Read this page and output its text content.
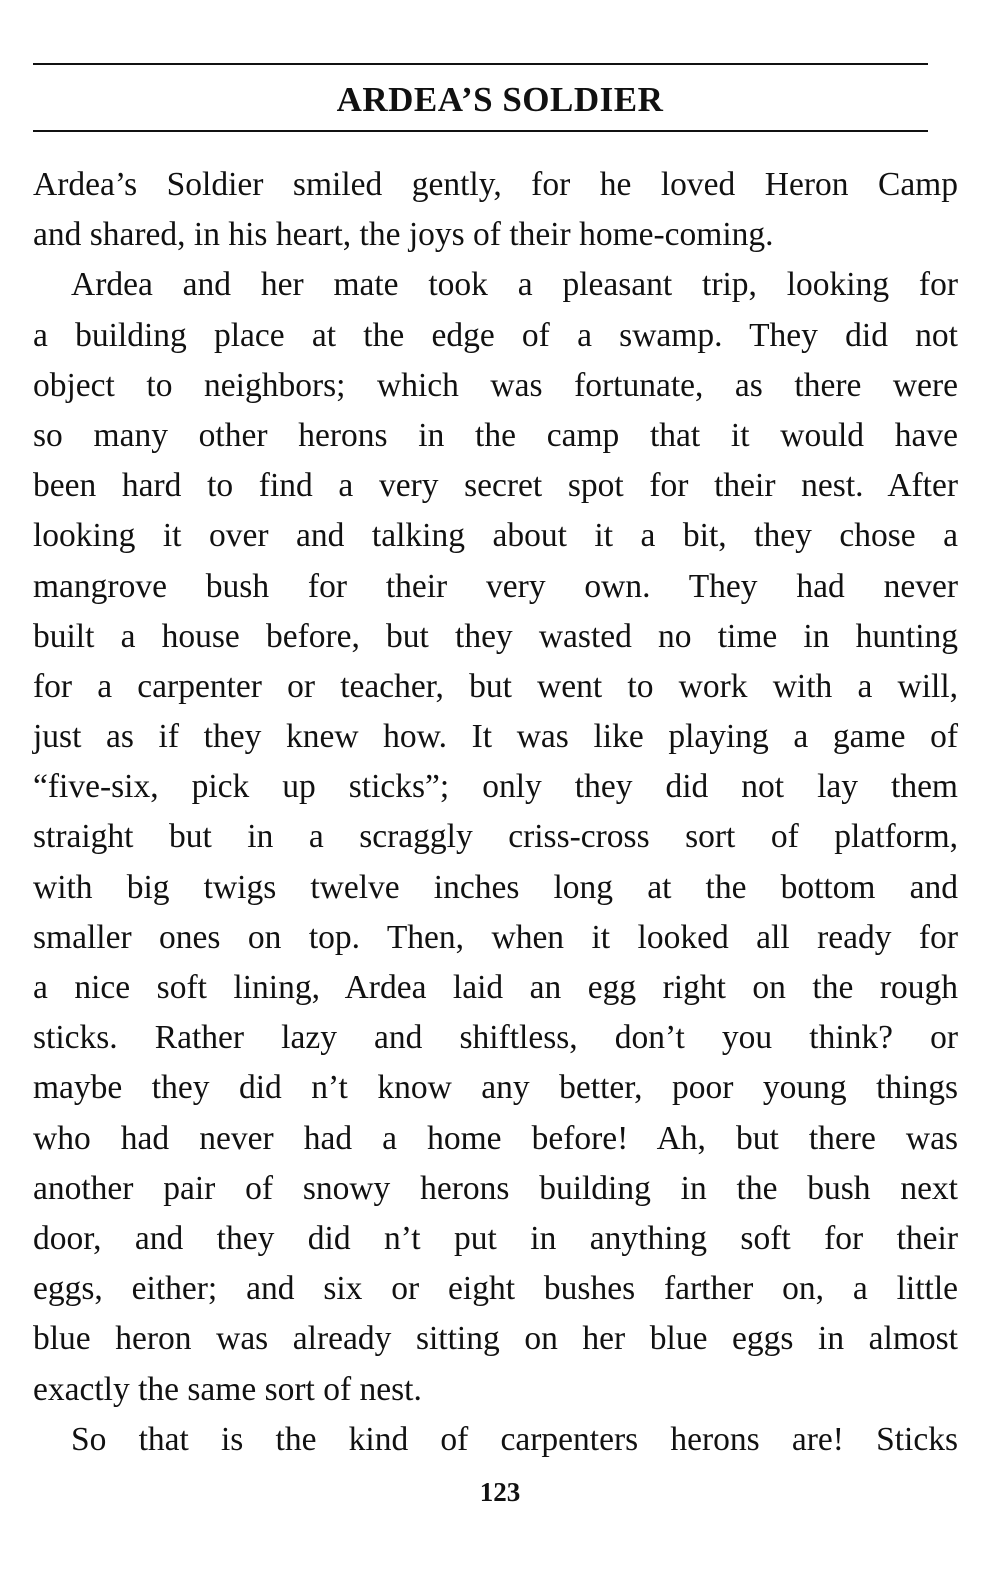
ARDEA’S SOLDIER
Ardea’s Soldier smiled gently, for he loved Heron Camp
and shared, in his heart, the joys of their home-coming.
Ardea and her mate took a pleasant trip, looking for
a building place at the edge of a swamp. They did not
object to neighbors; which was fortunate, as there were
so many other herons in the camp that it would have
been hard to find a very secret spot for their nest. After
looking it over and talking about it a bit, they chose a
mangrove bush for their very own. They had never
built a house before, but they wasted no time in hunting
for a carpenter or teacher, but went to work with a will,
just as if they knew how. It was like playing a game of
“five-six, pick up sticks”; only they did not lay them
straight but in a scraggly criss-cross sort of platform,
with big twigs twelve inches long at the bottom and
smaller ones on top. Then, when it looked all ready for
a nice soft lining, Ardea laid an egg right on the rough
sticks. Rather lazy and shiftless, don’t you think? or
maybe they did n’t know any better, poor young things
who had never had a home before! Ah, but there was
another pair of snowy herons building in the bush next
door, and they did n’t put in anything soft for their
eggs, either; and six or eight bushes farther on, a little
blue heron was already sitting on her blue eggs in almost
exactly the same sort of nest.
So that is the kind of carpenters herons are! Sticks
123
